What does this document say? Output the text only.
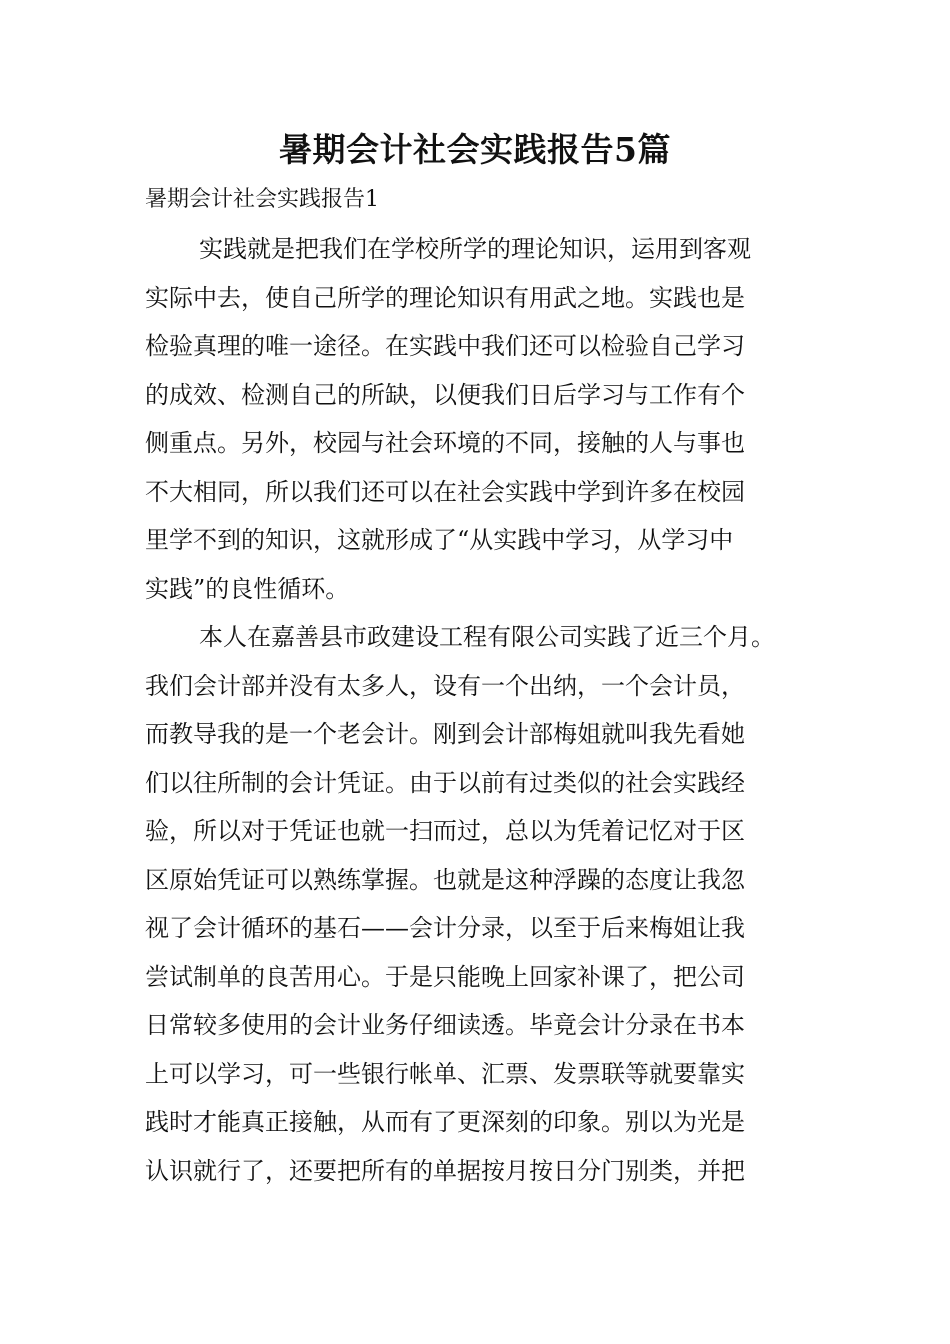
暑期会计社会实践报告5篇
暑期会计社会实践报告1
实践就是把我们在学校所学的理论知识，运用到客观
实际中去，使自己所学的理论知识有用武之地。实践也是
检验真理的唯一途径。在实践中我们还可以检验自己学习
的成效、检测自己的所缺，以便我们日后学习与工作有个
侧重点。另外，校园与社会环境的不同，接触的人与事也
不大相同，所以我们还可以在社会实践中学到许多在校园
里学不到的知识，这就形成了“从实践中学习，从学习中
实践”的良性循环。
本人在嘉善县市政建设工程有限公司实践了近三个月。
我们会计部并没有太多人，设有一个出纳，一个会计员，
而教导我的是一个老会计。刚到会计部梅姐就叫我先看她
们以往所制的会计凭证。由于以前有过类似的社会实践经
验，所以对于凭证也就一扫而过，总以为凭着记忆对于区
区原始凭证可以熟练掌握。也就是这种浮躁的态度让我忽
视了会计循环的基石——会计分录，以至于后来梅姐让我
尝试制单的良苦用心。于是只能晚上回家补课了，把公司
日常较多使用的会计业务仔细读透。毕竟会计分录在书本
上可以学习，可一些银行帐单、汇票、发票联等就要靠实
践时才能真正接触，从而有了更深刻的印象。别以为光是
认识就行了，还要把所有的单据按月按日分门别类，并把
